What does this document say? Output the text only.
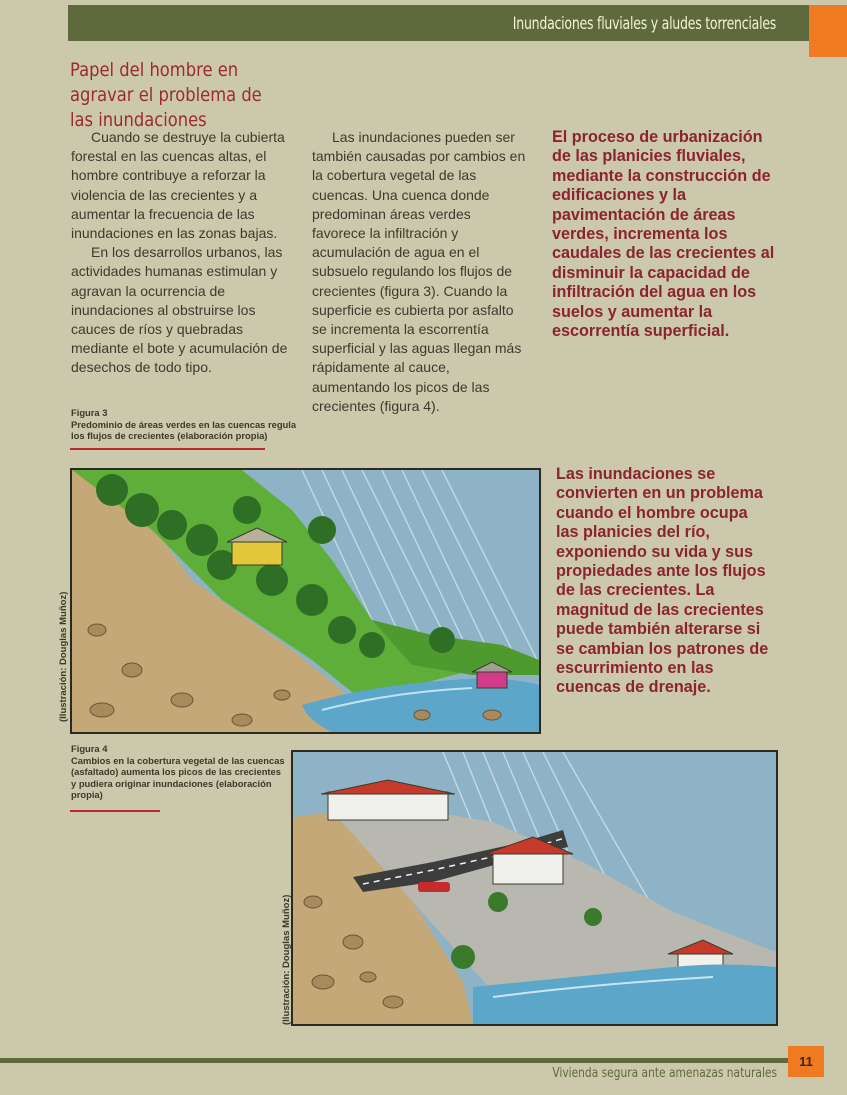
Inundaciones fluviales y aludes torrenciales
Papel del hombre en agravar el problema de las inundaciones

Cuando se destruye la cubierta forestal en las cuencas altas, el hombre contribuye a reforzar la violencia de las crecientes y a aumentar la frecuencia de las inundaciones en las zonas bajas.

En los desarrollos urbanos, las actividades humanas estimulan y agravan la ocurrencia de inundaciones al obstruirse los cauces de ríos y quebradas mediante el bote y acumulación de desechos de todo tipo.

Las inundaciones pueden ser también causadas por cambios en la cobertura vegetal de las cuencas. Una cuenca donde predominan áreas verdes favorece la infiltración y acumulación de agua en el subsuelo regulando los flujos de crecientes (figura 3). Cuando la superficie es cubierta por asfalto se incrementa la escorrentía superficial y las aguas llegan más rápidamente al cauce, aumentando los picos de las crecientes (figura 4).

El proceso de urbanización de las planicies fluviales, mediante la construcción de edificaciones y la pavimentación de áreas verdes, incrementa los caudales de las crecientes al disminuir la capacidad de infiltración del agua en los suelos y aumentar la escorrentía superficial.
Las inundaciones se convierten en un problema cuando el hombre ocupa las planicies del río, exponiendo su vida y sus propiedades ante los flujos de las crecientes. La magnitud de las crecientes puede también alterarse si se cambian los patrones de escurrimiento en las cuencas de drenaje.
Figura 3
Predominio de áreas verdes en las cuencas regula los flujos de crecientes (elaboración propia)
(Ilustración: Douglas Muñoz)
Figura 4
Cambios en la cobertura vegetal de las cuencas (asfaltado) aumenta los picos de las crecientes y pudiera originar inundaciones (elaboración propia)
(Ilustración: Douglas Muñoz)
Vivienda segura ante amenazas naturales
11
